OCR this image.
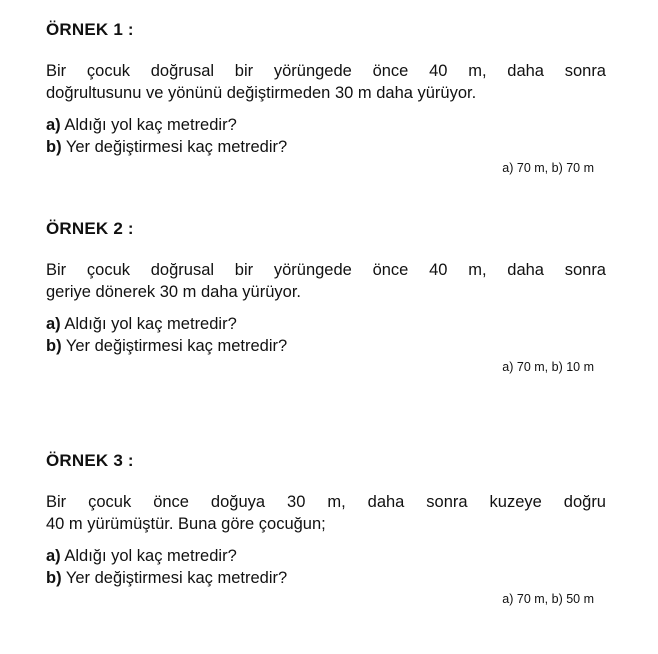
ÖRNEK 1 :

Bir çocuk doğrusal bir yörüngede önce 40 m, daha sonra

doğrultusunu ve yönünü değiştirmeden 30 m daha yürüyor.

a) Aldığı yol kaç metredir?

b) Yer değiştirmesi kaç metredir?

a) 70 m, b) 70 m

ÖRNEK 2 :

Bir çocuk doğrusal bir yörüngede önce 40 m, daha sonra

geriye dönerek 30 m daha yürüyor.

a) Aldığı yol kaç metredir?

b) Yer değiştirmesi kaç metredir?

a) 70 m, b) 10 m

ÖRNEK 3 :

Bir çocuk önce doğuya 30 m, daha sonra kuzeye doğru

40 m yürümüştür. Buna göre çocuğun;

a) Aldığı yol kaç metredir?

b) Yer değiştirmesi kaç metredir?

a) 70 m, b) 50 m
